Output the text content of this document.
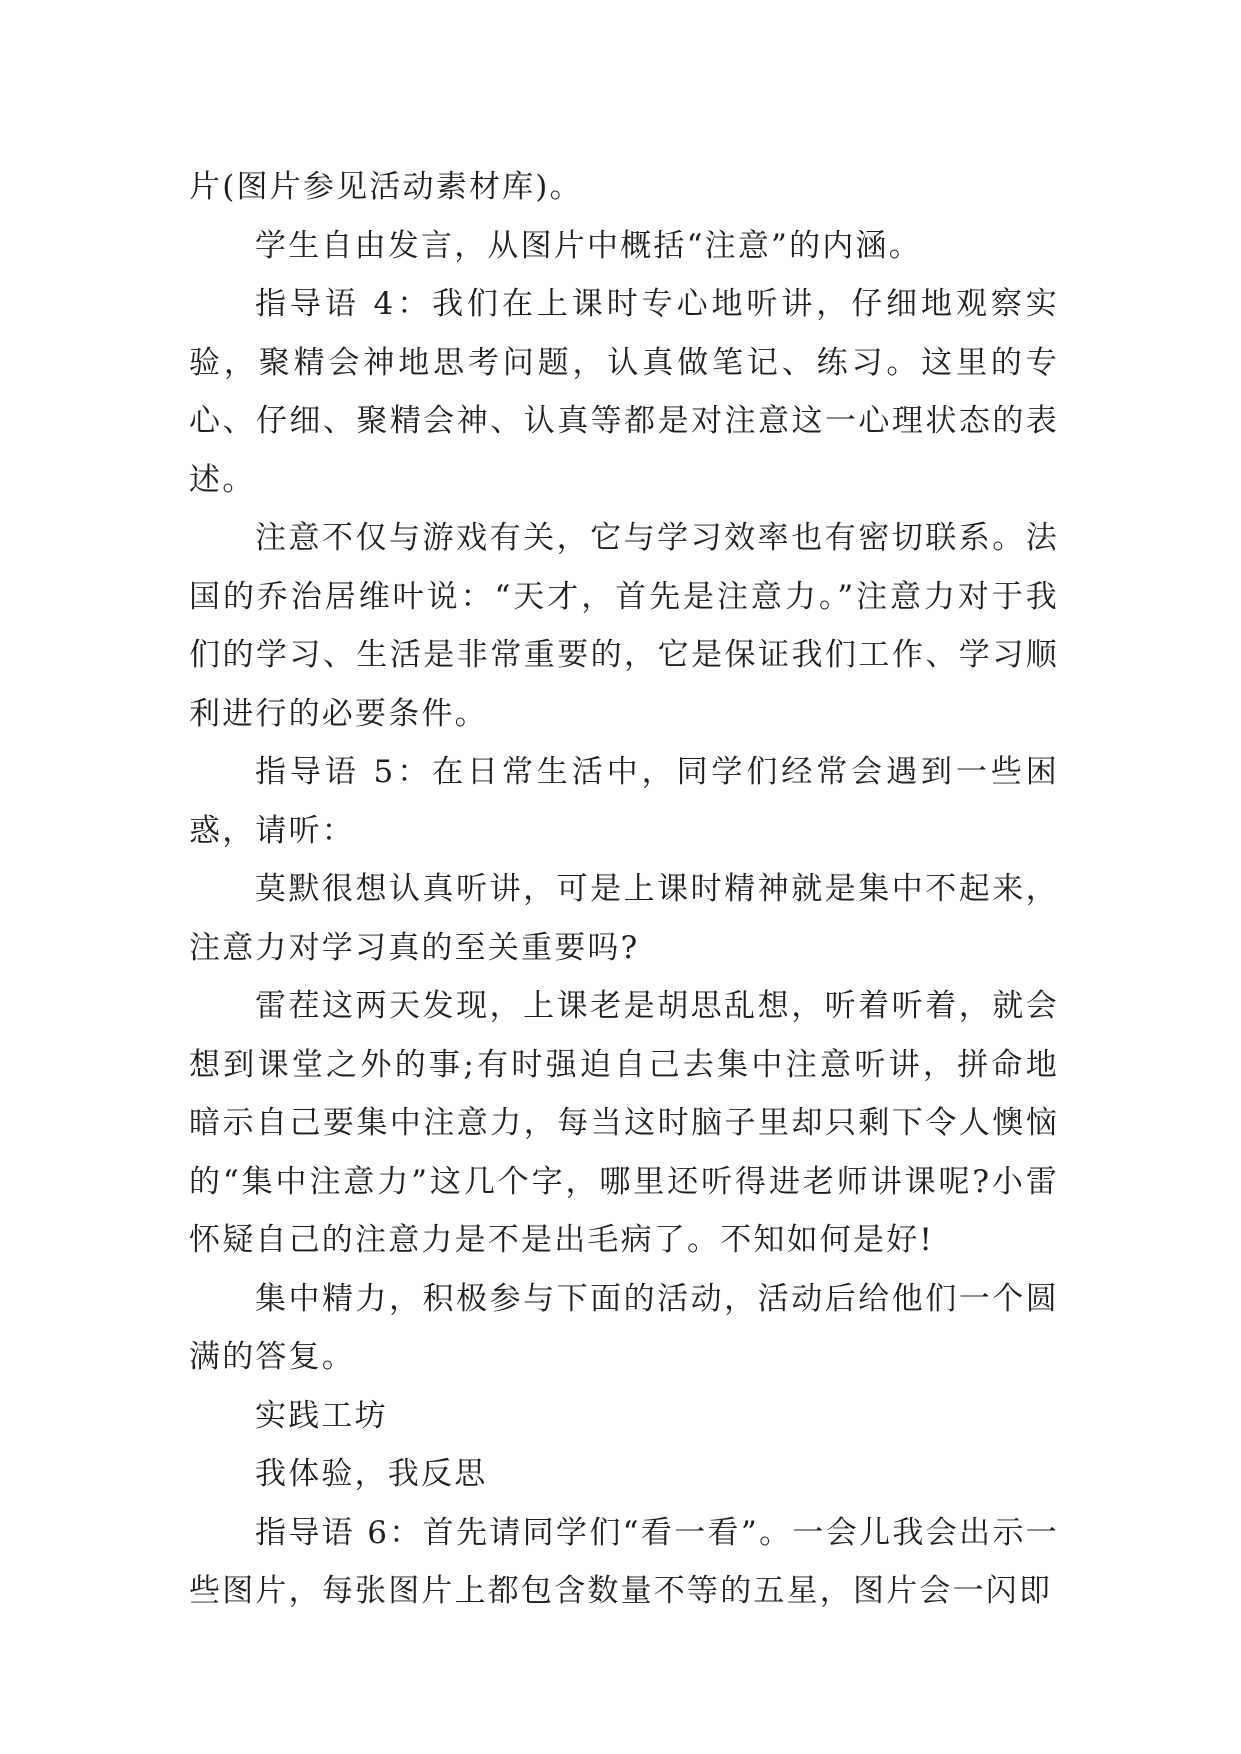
片(图片参见活动素材库)。

学生自由发言，从图片中概括“注意”的内涵。

指导语 4：我们在上课时专心地听讲，仔细地观察实验，聚精会神地思考问题，认真做笔记、练习。这里的专心、仔细、聚精会神、认真等都是对注意这一心理状态的表述。

注意不仅与游戏有关，它与学习效率也有密切联系。法国的乔治居维叶说：“天才，首先是注意力。”注意力对于我们的学习、生活是非常重要的，它是保证我们工作、学习顺利进行的必要条件。

指导语 5：在日常生活中，同学们经常会遇到一些困惑，请听：

莫默很想认真听讲，可是上课时精神就是集中不起来，注意力对学习真的至关重要吗?

雷茬这两天发现，上课老是胡思乱想，听着听着，就会想到课堂之外的事;有时强迫自己去集中注意听讲，拼命地暗示自己要集中注意力，每当这时脑子里却只剩下令人懊恼的“集中注意力”这几个字，哪里还听得进老师讲课呢?小雷怀疑自己的注意力是不是出毛病了。不知如何是好!

集中精力，积极参与下面的活动，活动后给他们一个圆满的答复。

实践工坊

我体验，我反思

指导语 6：首先请同学们“看一看”。一会儿我会出示一些图片，每张图片上都包含数量不等的五星，图片会一闪即
